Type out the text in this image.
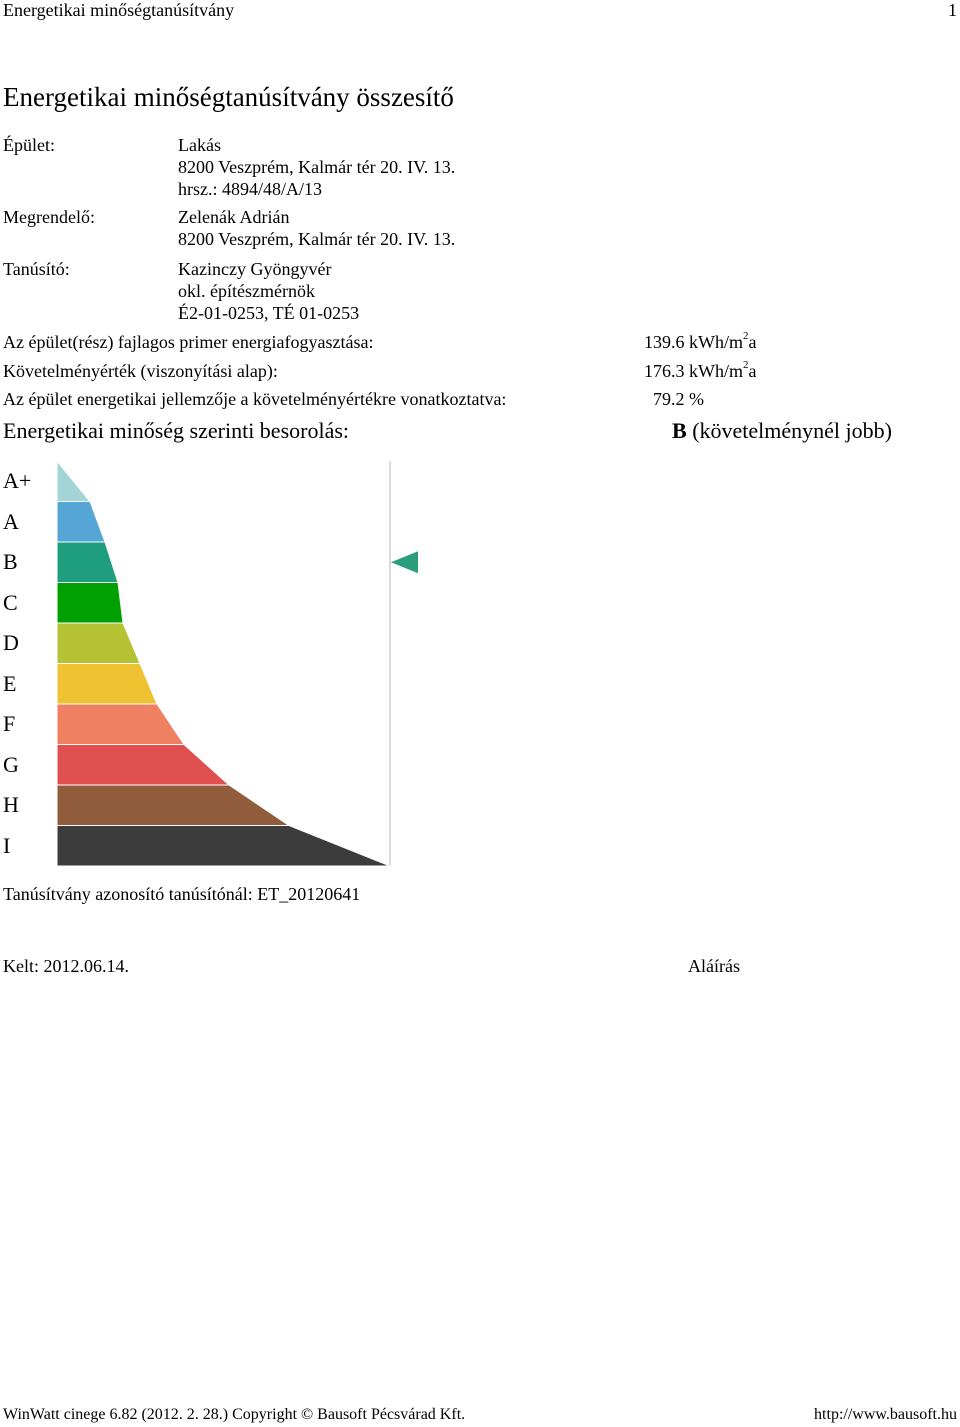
Energetikai minőségtanúsítvány	1
Energetikai minőségtanúsítvány összesítő
Épület:	Lakás
8200 Veszprém, Kalmár tér 20. IV. 13.
hrsz.: 4894/48/A/13
Megrendelő:	Zelenák Adrián
8200 Veszprém, Kalmár tér 20. IV. 13.
Tanúsító:	Kazinczy Gyöngyvér
okl. építészmérnök
É2-01-0253, TÉ 01-0253
Az épület(rész) fajlagos primer energiafogyasztása:	139.6 kWh/$m^2a$
Követelményérték (viszonyítási alap):	176.3 kWh/$m^2a$
Az épület energetikai jellemzője a követelményértékre vonatkoztatva:	79.2 %
Energetikai minőség szerinti besorolás:	B (követelménynél jobb)
A+
A
B
C
D
E
F
G
H
I
Tanúsítvány azonosító tanúsítónál: ET_20120641
Kelt: 2012.06.14.	Aláírás
WinWatt cinege 6.82 (2012. 2. 28.) Copyright © Bausoft Pécsvárad Kft.	http://www.bausoft.hu
